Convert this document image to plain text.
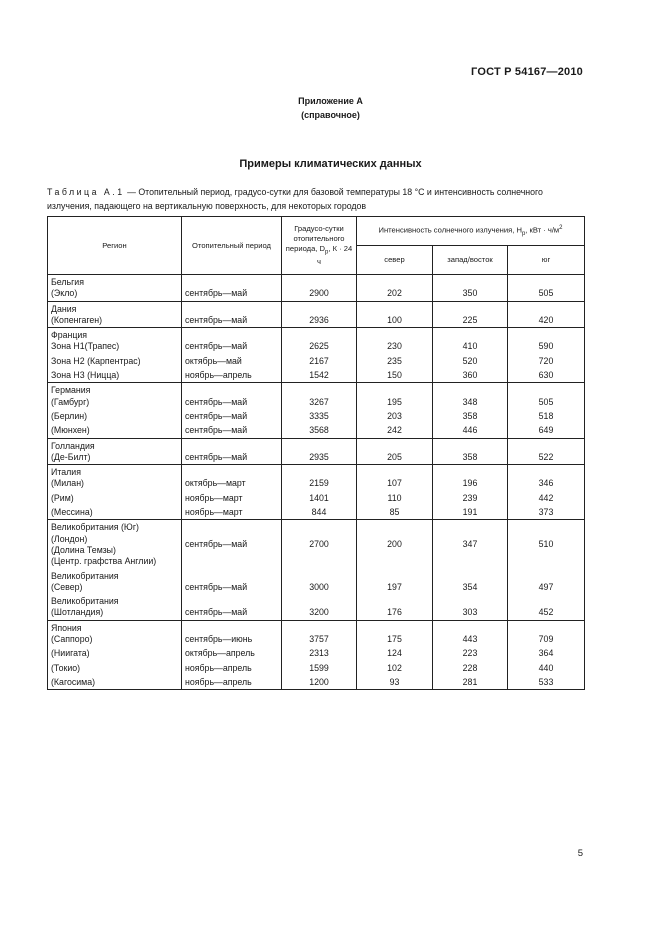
ГОСТ Р 54167—2010
Приложение А
(справочное)
Примеры климатических данных
Таблица А.1 — Отопительный период, градусо-сутки для базовой температуры 18 °С и интенсивность солнечного излучения, падающего на вертикальную поверхность, для некоторых городов
Регион	Отопительный период	Градусо-сутки отопительного периода, $D_p$, К · 24 ч	Интенсивность солнечного излучения, $H_p$, кВт · $ч/м^2$
			север	запад/восток	юг

Бельгия
(Экло)	сентябрь—май	2900	202	350	505

Дания
(Копенгаген)	сентябрь—май	2936	100	225	420

Франция
Зона Н1(Трапес)	сентябрь—май	2625	230	410	590

Зона Н2 (Карпентрас)	октябрь—май	2167	235	520	720

Зона Н3 (Ницца)	ноябрь—апрель	1542	150	360	630

Германия
(Гамбург)	сентябрь—май	3267	195	348	505

(Берлин)	сентябрь—май	3335	203	358	518

(Мюнхен)	сентябрь—май	3568	242	446	649

Голландия
(Де-Билт)	сентябрь—май	2935	205	358	522

Италия
(Милан)	октябрь—март	2159	107	196	346

(Рим)	ноябрь—март	1401	110	239	442

(Мессина)	ноябрь—март	844	85	191	373

Великобритания (Юг)
(Лондон)
(Долина Темзы)
(Центр. графства Англии)	сентябрь—май	2700	200	347	510

Великобритания
(Север)	сентябрь—май	3000	197	354	497

Великобритания
(Шотландия)	сентябрь—май	3200	176	303	452

Япония
(Саппоро)	сентябрь—июнь	3757	175	443	709

(Ниигата)	октябрь—апрель	2313	124	223	364

(Токио)	ноябрь—апрель	1599	102	228	440

(Кагосима)	ноябрь—апрель	1200	93	281	533
5
